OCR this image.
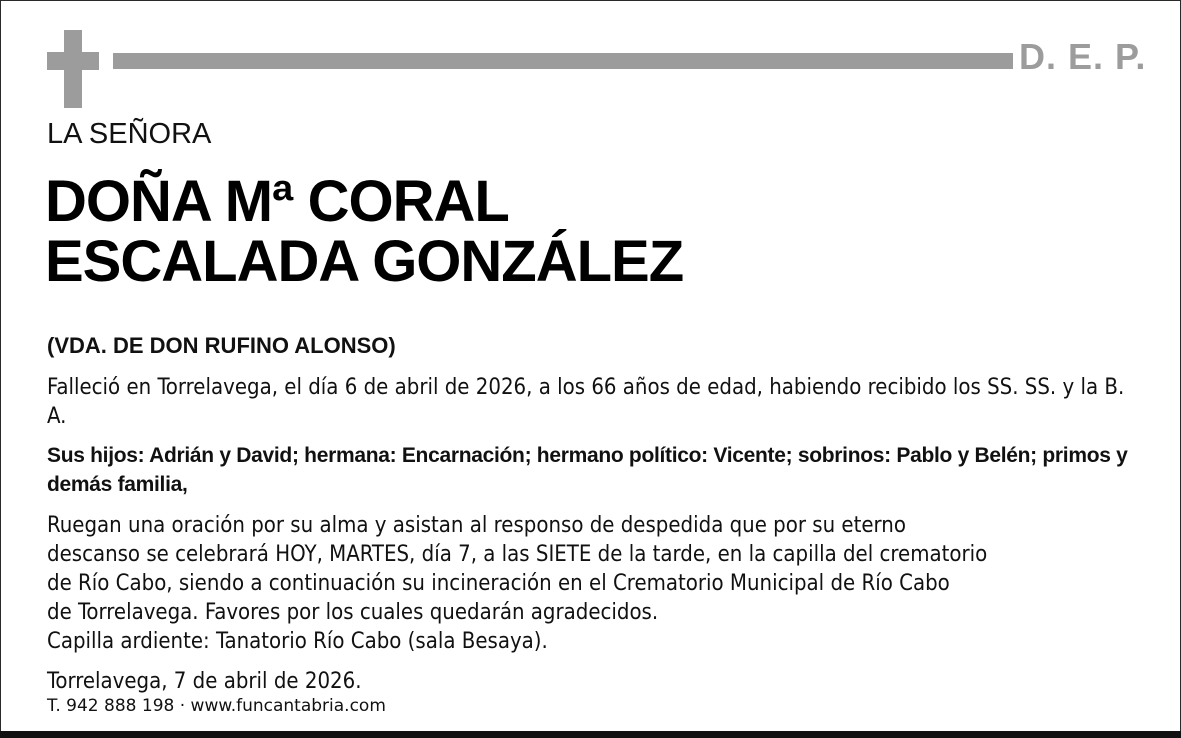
D. E. P.
LA SEÑORA
DOÑA Mª CORAL
ESCALADA GONZÁLEZ
(VDA. DE DON RUFINO ALONSO)
Falleció en Torrelavega, el día 6 de abril de 2026, a los 66 años de edad, habiendo recibido los SS. SS. y la B. A.
Sus hijos: Adrián y David; hermana: Encarnación; hermano político: Vicente; sobrinos: Pablo y Belén; primos y demás familia,
Ruegan una oración por su alma y asistan al responso de despedida que por su eterno
descanso se celebrará HOY, MARTES, día 7, a las SIETE de la tarde, en la capilla del crematorio
de Río Cabo, siendo a continuación su incineración en el Crematorio Municipal de Río Cabo
de Torrelavega. Favores por los cuales quedarán agradecidos.
Capilla ardiente: Tanatorio Río Cabo (sala Besaya).
Torrelavega, 7 de abril de 2026.
T. 942 888 198 · www.funcantabria.com
